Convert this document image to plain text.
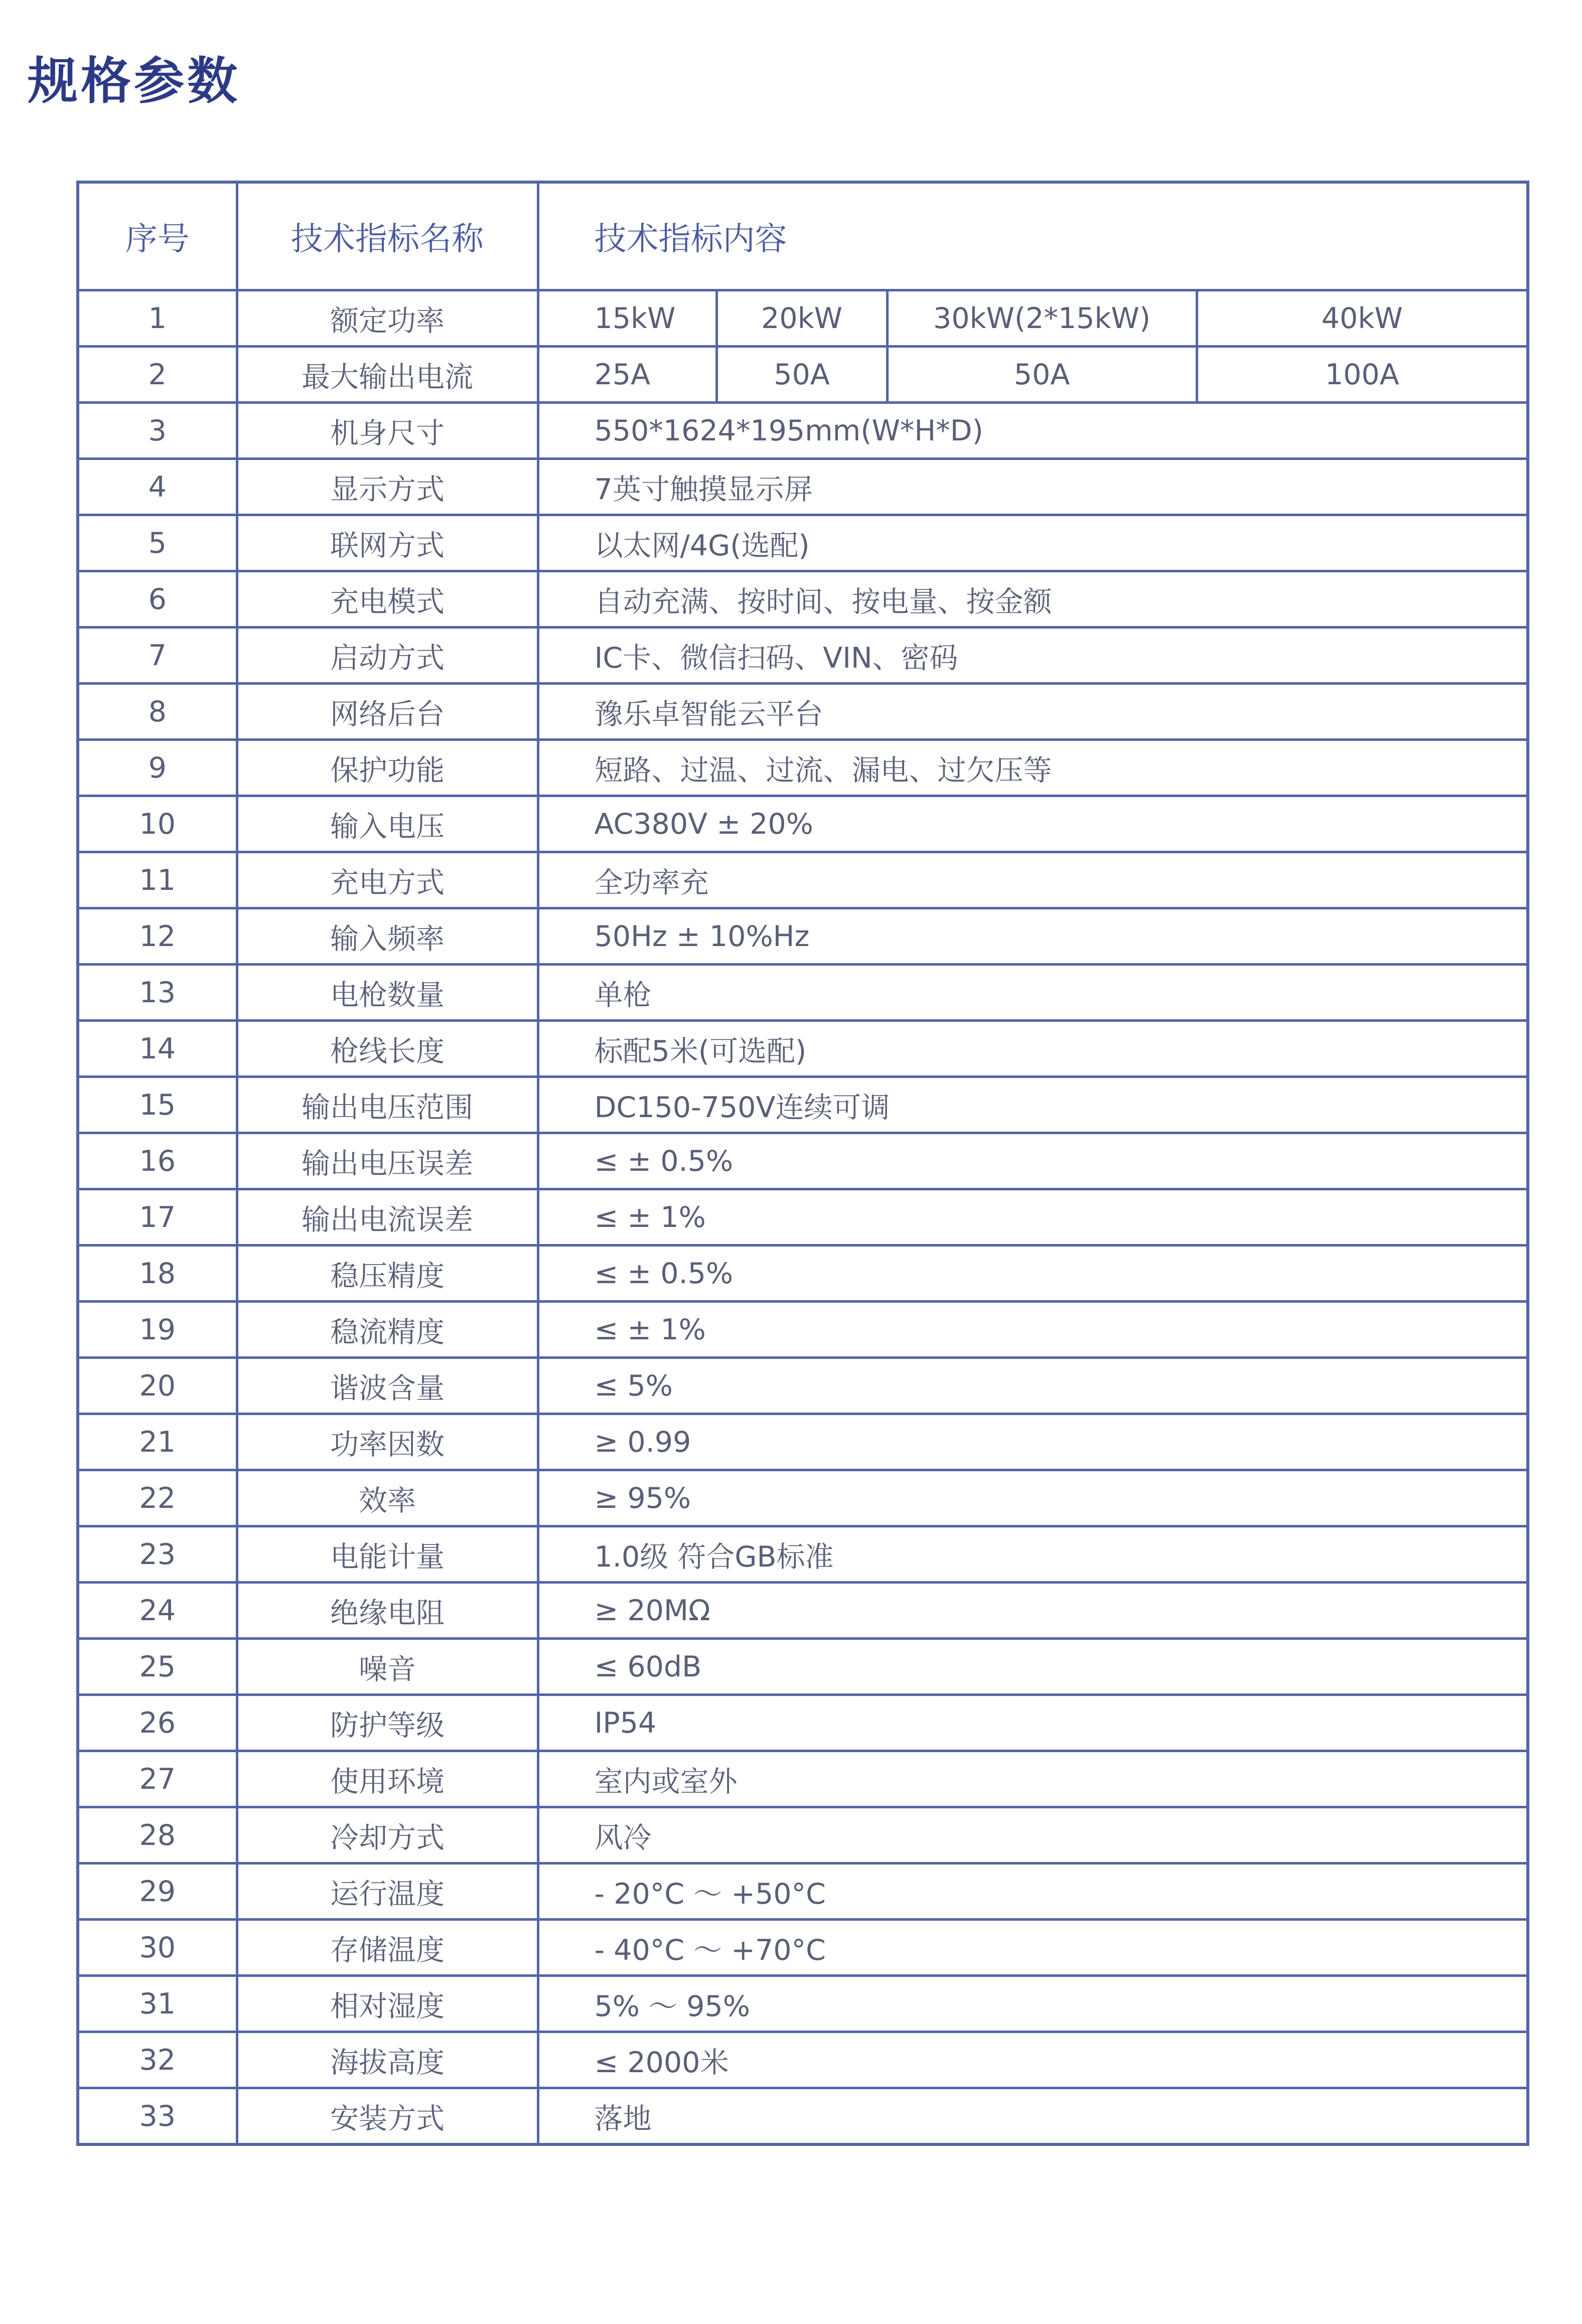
规格参数
序号	技术指标名称	技术指标内容			
1	额定功率	15kW	20kW	30kW(2*15kW)	40kW
2	最大输出电流	25A	50A	50A	100A
3	机身尺寸	550*1624*195mm(W*H*D)			
4	显示方式	7英寸触摸显示屏			
5	联网方式	以太网/4G(选配)			
6	充电模式	自动充满、按时间、按电量、按金额			
7	启动方式	IC卡、微信扫码、VIN、密码			
8	网络后台	豫乐卓智能云平台			
9	保护功能	短路、过温、过流、漏电、过欠压等			
10	输入电压	AC380V ± 20%			
11	充电方式	全功率充			
12	输入频率	50Hz ± 10%Hz			
13	电枪数量	单枪			
14	枪线长度	标配5米(可选配)			
15	输出电压范围	DC150-750V连续可调			
16	输出电压误差	≤ ± 0.5%			
17	输出电流误差	≤ ± 1%			
18	稳压精度	≤ ± 0.5%			
19	稳流精度	≤ ± 1%			
20	谐波含量	≤ 5%			
21	功率因数	≥ 0.99			
22	效率	≥ 95%			
23	电能计量	1.0级 符合GB标准			
24	绝缘电阻	≥ 20MΩ			
25	噪音	≤ 60dB			
26	防护等级	IP54			
27	使用环境	室内或室外			
28	冷却方式	风冷			
29	运行温度	- 20°C ～ +50°C			
30	存储温度	- 40°C ～ +70°C			
31	相对湿度	5% ～ 95%			
32	海拔高度	≤ 2000米			
33	安装方式	落地			
